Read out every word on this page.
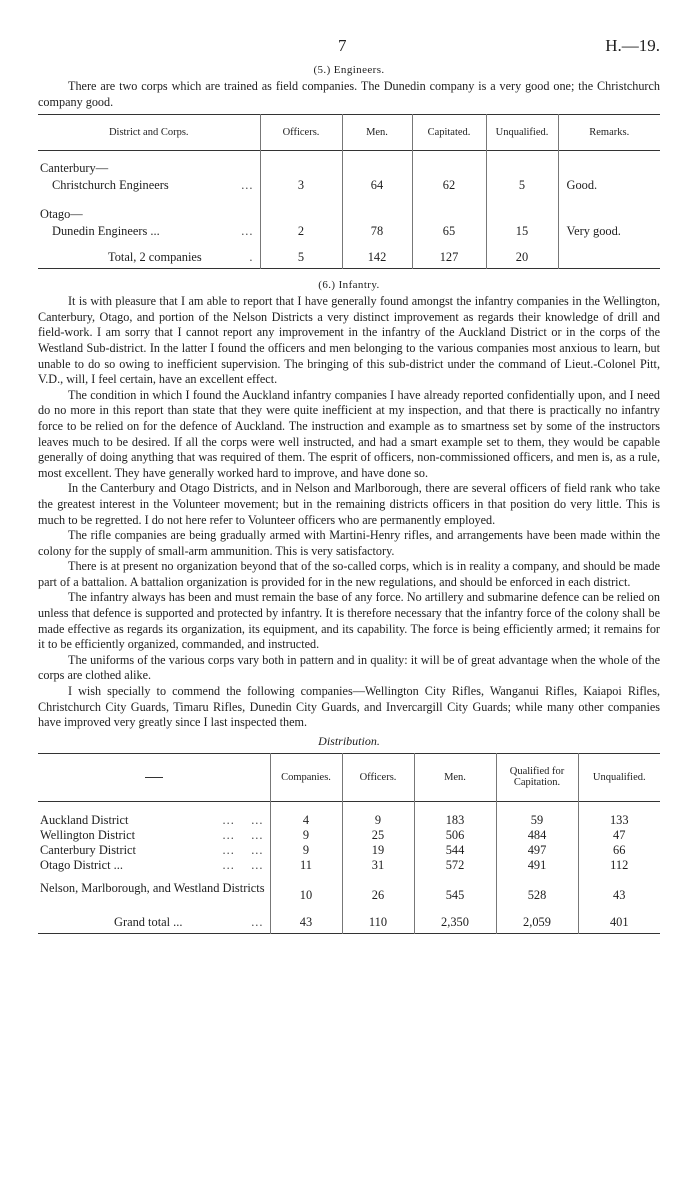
7	H.—19.
(5.) Engineers.

There are two corps which are trained as field companies. The Dunedin company is a very good one; the Christchurch company good.

District and Corps.	Officers.	Men.	Capitated.	Unqualified.	Remarks.

Canterbury—					
Christchurch Engineers ...	3	64	62	5	Good.

Otago—					
Dunedin Engineers ... ...	2	78	65	15	Very good.

Total, 2 companies .	5	142	127	20	
(6.) Infantry.

It is with pleasure that I am able to report that I have generally found amongst the infantry companies in the Wellington, Canterbury, Otago, and portion of the Nelson Districts a very distinct improvement as regards their knowledge of drill and field-work. I am sorry that I cannot report any improvement in the infantry of the Auckland District or in the corps of the Westland Sub-district. In the latter I found the officers and men belonging to the various companies most anxious to learn, but unable to do so owing to inefficient supervision. The bringing of this sub-district under the command of Lieut.-Colonel Pitt, V.D., will, I feel certain, have an excellent effect.

The condition in which I found the Auckland infantry companies I have already reported confidentially upon, and I need do no more in this report than state that they were quite inefficient at my inspection, and that there is practically no infantry force to be relied on for the defence of Auckland. The instruction and example as to smartness set by some of the instructors leaves much to be desired. If all the corps were well instructed, and had a smart example set to them, they would be capable generally of doing anything that was required of them. The esprit of officers, non-commissioned officers, and men is, as a rule, most excellent. They have generally worked hard to improve, and have done so.

In the Canterbury and Otago Districts, and in Nelson and Marlborough, there are several officers of field rank who take the greatest interest in the Volunteer movement; but in the remaining districts officers in that position do very little. This is much to be regretted. I do not here refer to Volunteer officers who are permanently employed.

The rifle companies are being gradually armed with Martini-Henry rifles, and arrangements have been made within the colony for the supply of small-arm ammunition. This is very satisfactory.

There is at present no organization beyond that of the so-called corps, which is in reality a company, and should be made part of a battalion. A battalion organization is provided for in the new regulations, and should be enforced in each district.

The infantry always has been and must remain the base of any force. No artillery and submarine defence can be relied on unless that defence is supported and protected by infantry. It is therefore necessary that the infantry force of the colony shall be made effective as regards its organization, its equipment, and its capability. The force is being efficiently armed; it remains for it to be efficiently organized, commanded, and instructed.

The uniforms of the various corps vary both in pattern and in quality: it will be of great advantage when the whole of the corps are clothed alike.

I wish specially to commend the following companies—Wellington City Rifles, Wanganui Rifles, Kaiapoi Rifles, Christchurch City Guards, Timaru Rifles, Dunedin City Guards, and Invercargill City Guards; while many other companies have improved very greatly since I last inspected them.

Distribution.
	Companies.	Officers.	Men.	Qualified for Capitation.	Unqualified.

Auckland District ...    ...	4	9	183	59	133
Wellington District ...    ...	9	25	506	484	47
Canterbury District ...    ...	9	19	544	497	66
Otago District ... ...    ...	11	31	572	491	112
Nelson, Marlborough, and Westland Districts	10	26	545	528	43

Grand total ... ...	43	110	2,350	2,059	401
